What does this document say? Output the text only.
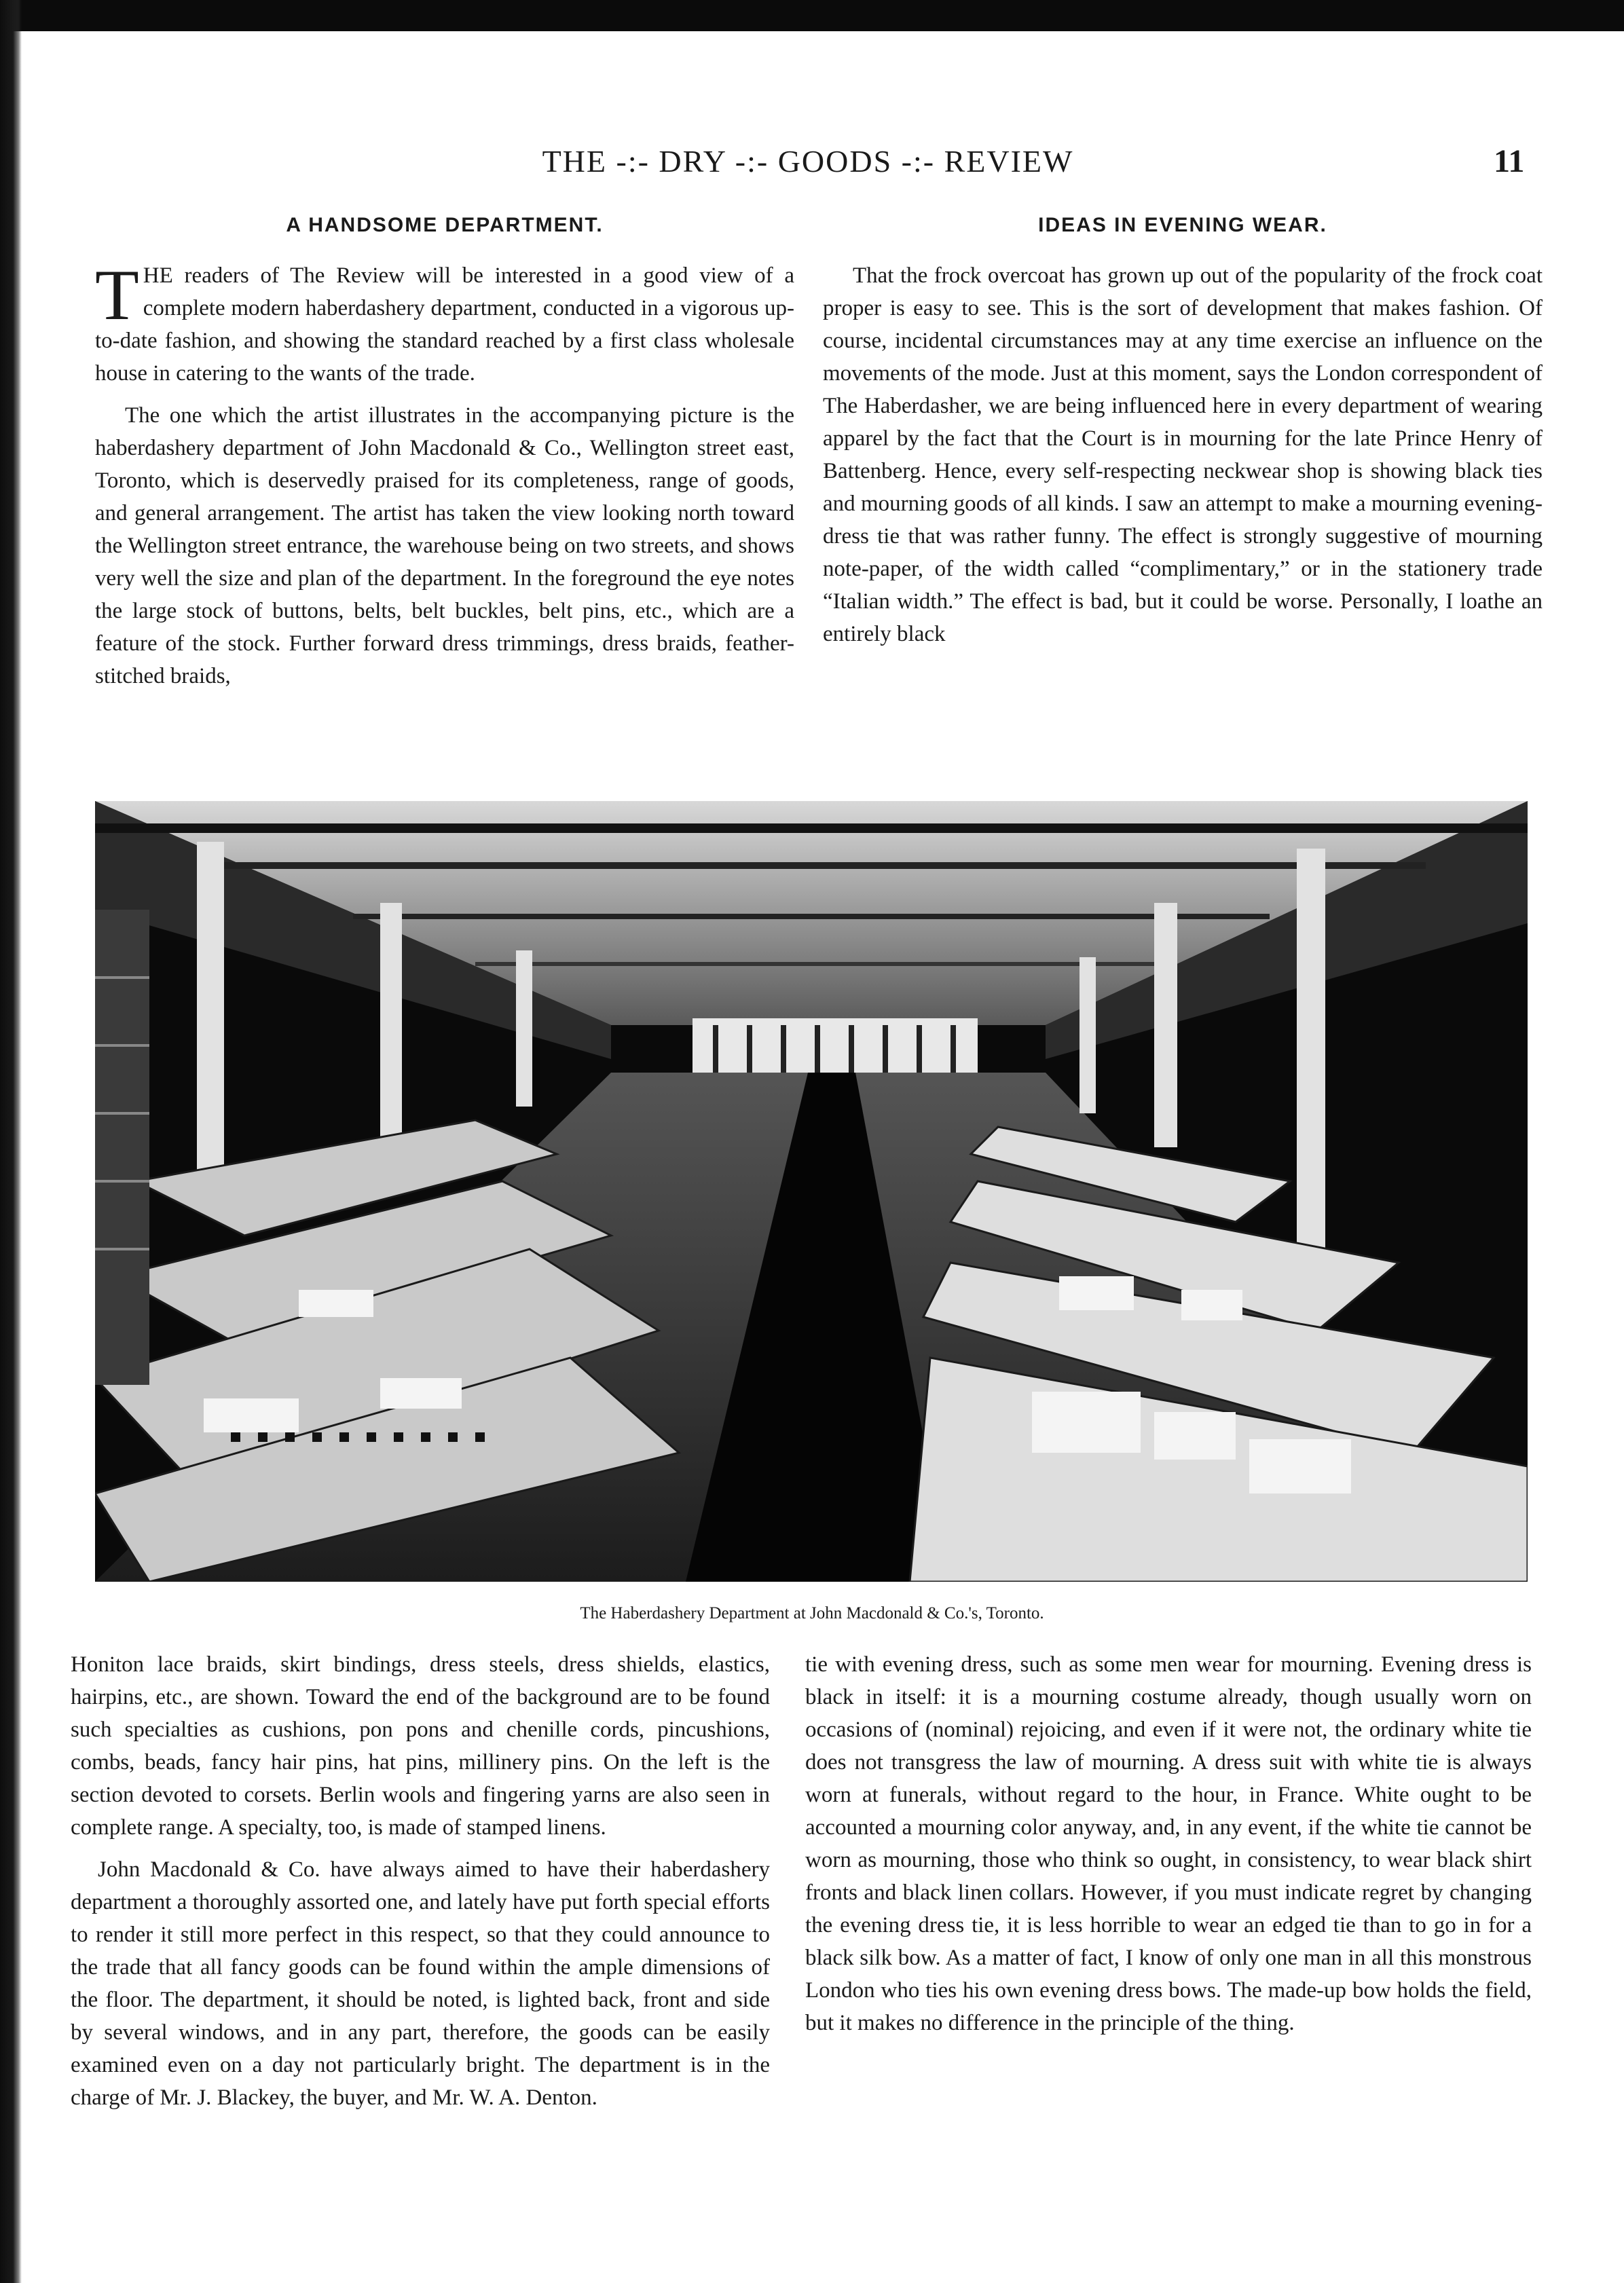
THE -:- DRY -:- GOODS -:- REVIEW	11
A HANDSOME DEPARTMENT.

THE readers of The Review will be interested in a good view of a complete modern haberdashery department, conducted in a vigorous up-to-date fashion, and showing the standard reached by a first class wholesale house in catering to the wants of the trade.

The one which the artist illustrates in the accompanying picture is the haberdashery department of John Macdonald & Co., Wellington street east, Toronto, which is deservedly praised for its completeness, range of goods, and general arrangement. The artist has taken the view looking north toward the Wellington street entrance, the warehouse being on two streets, and shows very well the size and plan of the department. In the foreground the eye notes the large stock of buttons, belts, belt buckles, belt pins, etc., which are a feature of the stock. Further forward dress trimmings, dress braids, feather-stitched braids,

IDEAS IN EVENING WEAR.

That the frock overcoat has grown up out of the popularity of the frock coat proper is easy to see. This is the sort of development that makes fashion. Of course, incidental circumstances may at any time exercise an influence on the movements of the mode. Just at this moment, says the London correspondent of The Haberdasher, we are being influenced here in every department of wearing apparel by the fact that the Court is in mourning for the late Prince Henry of Battenberg. Hence, every self-respecting neckwear shop is showing black ties and mourning goods of all kinds. I saw an attempt to make a mourning evening-dress tie that was rather funny. The effect is strongly suggestive of mourning note-paper, of the width called “complimentary,” or in the stationery trade “Italian width.” The effect is bad, but it could be worse. Personally, I loathe an entirely black

The Haberdashery Department at John Macdonald & Co.'s, Toronto.

Honiton lace braids, skirt bindings, dress steels, dress shields, elastics, hairpins, etc., are shown. Toward the end of the background are to be found such specialties as cushions, pon pons and chenille cords, pincushions, combs, beads, fancy hair pins, hat pins, millinery pins. On the left is the section devoted to corsets. Berlin wools and fingering yarns are also seen in complete range. A specialty, too, is made of stamped linens.

John Macdonald & Co. have always aimed to have their haberdashery department a thoroughly assorted one, and lately have put forth special efforts to render it still more perfect in this respect, so that they could announce to the trade that all fancy goods can be found within the ample dimensions of the floor. The department, it should be noted, is lighted back, front and side by several windows, and in any part, therefore, the goods can be easily examined even on a day not particularly bright. The department is in the charge of Mr. J. Blackey, the buyer, and Mr. W. A. Denton.

tie with evening dress, such as some men wear for mourning. Evening dress is black in itself: it is a mourning costume already, though usually worn on occasions of (nominal) rejoicing, and even if it were not, the ordinary white tie does not transgress the law of mourning. A dress suit with white tie is always worn at funerals, without regard to the hour, in France. White ought to be accounted a mourning color anyway, and, in any event, if the white tie cannot be worn as mourning, those who think so ought, in consistency, to wear black shirt fronts and black linen collars. However, if you must indicate regret by changing the evening dress tie, it is less horrible to wear an edged tie than to go in for a black silk bow. As a matter of fact, I know of only one man in all this monstrous London who ties his own evening dress bows. The made-up bow holds the field, but it makes no difference in the principle of the thing.
